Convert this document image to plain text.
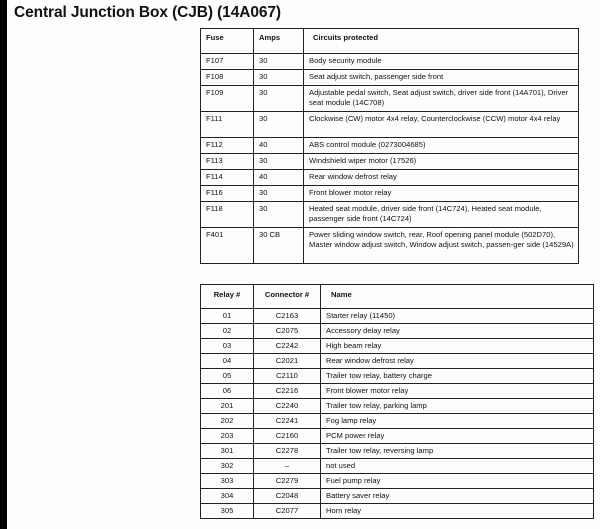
Central Junction Box (CJB) (14A067)
Fuse	Amps	Circuits protected
F107	30	Body security module
F108	30	Seat adjust switch, passenger side front
F109	30	Adjustable pedal switch, Seat adjust switch, driver side front (14A701), Driver seat module (14C708)
F111	30	Clockwise (CW) motor 4x4 relay, Counterclockwise (CCW) motor 4x4 relay
F112	40	ABS control module (0273004685)
F113	30	Windshield wiper motor (17526)
F114	40	Rear window defrost relay
F116	30	Front blower motor relay
F118	30	Heated seat module, driver side front (14C724), Heated seat module, passenger side front (14C724)
F401	30 CB	Power sliding window switch, rear, Roof opening panel module (502D70), Master window adjust switch, Window adjust switch, passen-ger side (14529A)
Relay #	Connector #	Name
01	C2163	Starter relay (11450)
02	C2075	Accessory delay relay
03	C2242	High beam relay
04	C2021	Rear window defrost relay
05	C2110	Trailer tow relay, battery charge
06	C2216	Front blower motor relay
201	C2240	Trailer tow relay, parking lamp
202	C2241	Fog lamp relay
203	C2160	PCM power relay
301	C2278	Trailer tow relay, reversing lamp
302	–	not used
303	C2279	Fuel pump relay
304	C2048	Battery saver relay
305	C2077	Horn relay
